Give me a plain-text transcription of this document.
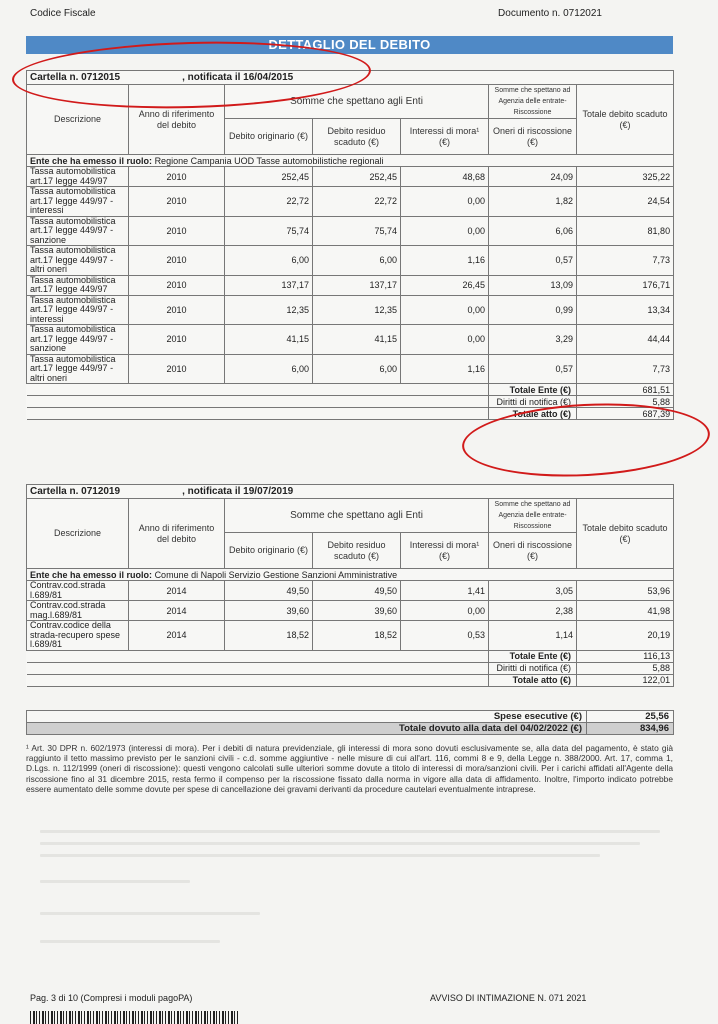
Codice Fiscale	Documento n. 0712021
DETTAGLIO DEL DEBITO
Cartella n. 0712015 , notificata il 16/04/2015						
Descrizione	Anno di riferimento del debito	Somme che spettano agli Enti			Somme che spettano ad Agenzia delle entrate-Riscossione	Totale debito scaduto (€)
		Debito originario (€)	Debito residuo scaduto (€)	Interessi di mora¹ (€)	Oneri di riscossione (€)	
Ente che ha emesso il ruolo: Regione Campania UOD Tasse automobilistiche regionali						
Tassa automobilistica art.17 legge 449/97	2010	252,45	252,45	48,68	24,09	325,22
Tassa automobilistica art.17 legge 449/97 - interessi	2010	22,72	22,72	0,00	1,82	24,54
Tassa automobilistica art.17 legge 449/97 - sanzione	2010	75,74	75,74	0,00	6,06	81,80
Tassa automobilistica art.17 legge 449/97 - altri oneri	2010	6,00	6,00	1,16	0,57	7,73
Tassa automobilistica art.17 legge 449/97	2010	137,17	137,17	26,45	13,09	176,71
Tassa automobilistica art.17 legge 449/97 - interessi	2010	12,35	12,35	0,00	0,99	13,34
Tassa automobilistica art.17 legge 449/97 - sanzione	2010	41,15	41,15	0,00	3,29	44,44
Tassa automobilistica art.17 legge 449/97 - altri oneri	2010	6,00	6,00	1,16	0,57	7,73
					Totale Ente (€)	681,51
					Diritti di notifica (€)	5,88
					Totale atto (€)	687,39
Cartella n. 0712019 , notificata il 19/07/2019						
Descrizione	Anno di riferimento del debito	Somme che spettano agli Enti			Somme che spettano ad Agenzia delle entrate-Riscossione	Totale debito scaduto (€)
		Debito originario (€)	Debito residuo scaduto (€)	Interessi di mora¹ (€)	Oneri di riscossione (€)	
Ente che ha emesso il ruolo: Comune di Napoli Servizio Gestione Sanzioni Amministrative						
Contrav.cod.strada l.689/81	2014	49,50	49,50	1,41	3,05	53,96
Contrav.cod.strada mag.l.689/81	2014	39,60	39,60	0,00	2,38	41,98
Contrav.codice della strada-recupero spese l.689/81	2014	18,52	18,52	0,53	1,14	20,19
					Totale Ente (€)	116,13
					Diritti di notifica (€)	5,88
					Totale atto (€)	122,01
Spese esecutive (€)	25,56
Totale dovuto alla data del 04/02/2022 (€)	834,96
¹ Art. 30 DPR n. 602/1973 (interessi di mora). Per i debiti di natura previdenziale, gli interessi di mora sono dovuti esclusivamente se, alla data del pagamento, è stato già raggiunto il tetto massimo previsto per le sanzioni civili - c.d. somme aggiuntive - nelle misure di cui all'art. 116, commi 8 e 9, della Legge n. 388/2000. Art. 17, comma 1, D.Lgs. n. 112/1999 (oneri di riscossione): questi vengono calcolati sulle ulteriori somme dovute a titolo di interessi di mora/sanzioni civili. Per i carichi affidati all'Agente della riscossione fino al 31 dicembre 2015, resta fermo il compenso per la riscossione fissato dalla norma in vigore alla data di affidamento. Inoltre, l'importo indicato potrebbe essere aumentato delle somme dovute per spese di cancellazione dei gravami derivanti da procedure cautelari eventualmente intraprese.
Pag. 3 di 10 (Compresi i moduli pagoPA)	AVVISO DI INTIMAZIONE N. 071 2021
